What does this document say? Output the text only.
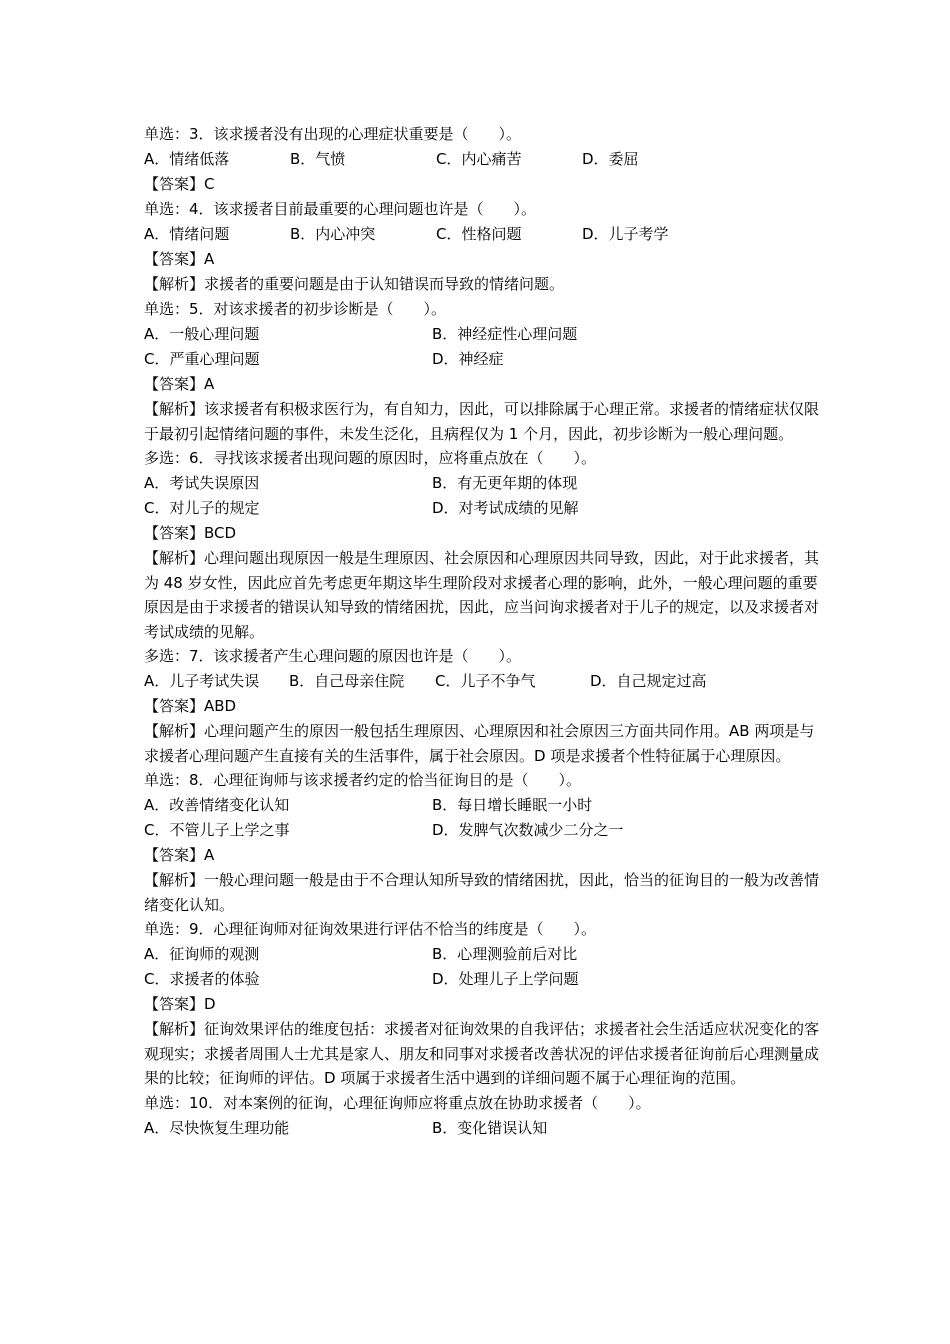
单选：3．该求援者没有出现的心理症状重要是（　　）。
A．情绪低落	B．气愤	C．内心痛苦	D．委屈
【答案】C
单选：4．该求援者目前最重要的心理问题也许是（　　）。
A．情绪问题	B．内心冲突	C．性格问题	D．儿子考学
【答案】A
【解析】求援者的重要问题是由于认知错误而导致的情绪问题。
单选：5．对该求援者的初步诊断是（　　）。
A．一般心理问题	B．神经症性心理问题
C．严重心理问题	D．神经症
【答案】A

【解析】该求援者有积极求医行为，有自知力，因此，可以排除属于心理正常。求援者的情绪症状仅限于最初引起情绪问题的事件，未发生泛化，且病程仅为 1 个月，因此，初步诊断为一般心理问题。

多选：6．寻找该求援者出现问题的原因时，应将重点放在（　　）。
A．考试失误原因	B．有无更年期的体现
C．对儿子的规定	D．对考试成绩的见解
【答案】BCD

【解析】心理问题出现原因一般是生理原因、社会原因和心理原因共同导致，因此，对于此求援者，其为 48 岁女性，因此应首先考虑更年期这毕生理阶段对求援者心理的影响，此外，一般心理问题的重要原因是由于求援者的错误认知导致的情绪困扰，因此，应当问询求援者对于儿子的规定，以及求援者对考试成绩的见解。

多选：7．该求援者产生心理问题的原因也许是（　　）。
A．儿子考试失误	B．自己母亲住院	C．儿子不争气	D．自己规定过高
【答案】ABD

【解析】心理问题产生的原因一般包括生理原因、心理原因和社会原因三方面共同作用。AB 两项是与求援者心理问题产生直接有关的生活事件，属于社会原因。D 项是求援者个性特征属于心理原因。

单选：8．心理征询师与该求援者约定的恰当征询目的是（　　）。
A．改善情绪变化认知	B．每日增长睡眠一小时
C．不管儿子上学之事	D．发脾气次数减少二分之一
【答案】A

【解析】一般心理问题一般是由于不合理认知所导致的情绪困扰，因此，恰当的征询目的一般为改善情绪变化认知。

单选：9．心理征询师对征询效果进行评估不恰当的纬度是（　　）。
A．征询师的观测	B．心理测验前后对比
C．求援者的体验	D．处理儿子上学问题
【答案】D

【解析】征询效果评估的维度包括：求援者对征询效果的自我评估；求援者社会生活适应状况变化的客观现实；求援者周围人士尤其是家人、朋友和同事对求援者改善状况的评估求援者征询前后心理测量成果的比较；征询师的评估。D 项属于求援者生活中遇到的详细问题不属于心理征询的范围。

单选：10．对本案例的征询，心理征询师应将重点放在协助求援者（　　）。
A．尽快恢复生理功能	B．变化错误认知
